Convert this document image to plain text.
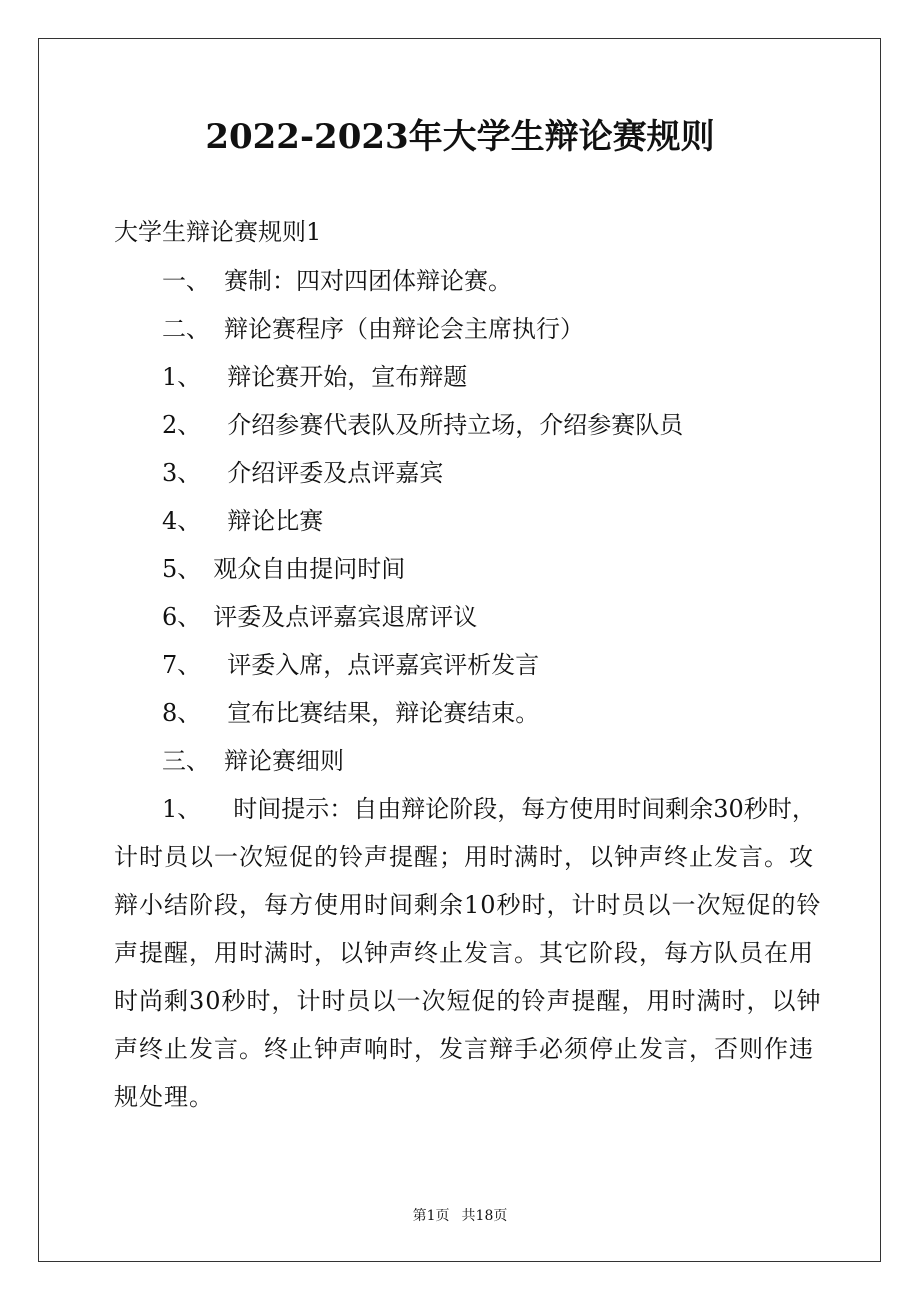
2022-2023年大学生辩论赛规则
大学生辩论赛规则1
一、 赛制：四对四团体辩论赛。
二、 辩论赛程序（由辩论会主席执行）
1、 辩论赛开始，宣布辩题
2、 介绍参赛代表队及所持立场，介绍参赛队员
3、 介绍评委及点评嘉宾
4、 辩论比赛
5、 观众自由提问时间
6、 评委及点评嘉宾退席评议
7、 评委入席，点评嘉宾评析发言
8、 宣布比赛结果，辩论赛结束。
三、 辩论赛细则
1、 时间提示：自由辩论阶段，每方使用时间剩余30秒时，
计时员以一次短促的铃声提醒；用时满时，以钟声终止发言。攻
辩小结阶段，每方使用时间剩余10秒时，计时员以一次短促的铃
声提醒，用时满时，以钟声终止发言。其它阶段，每方队员在用
时尚剩30秒时，计时员以一次短促的铃声提醒，用时满时，以钟
声终止发言。终止钟声响时，发言辩手必须停止发言，否则作违
规处理。
第1页 共18页
